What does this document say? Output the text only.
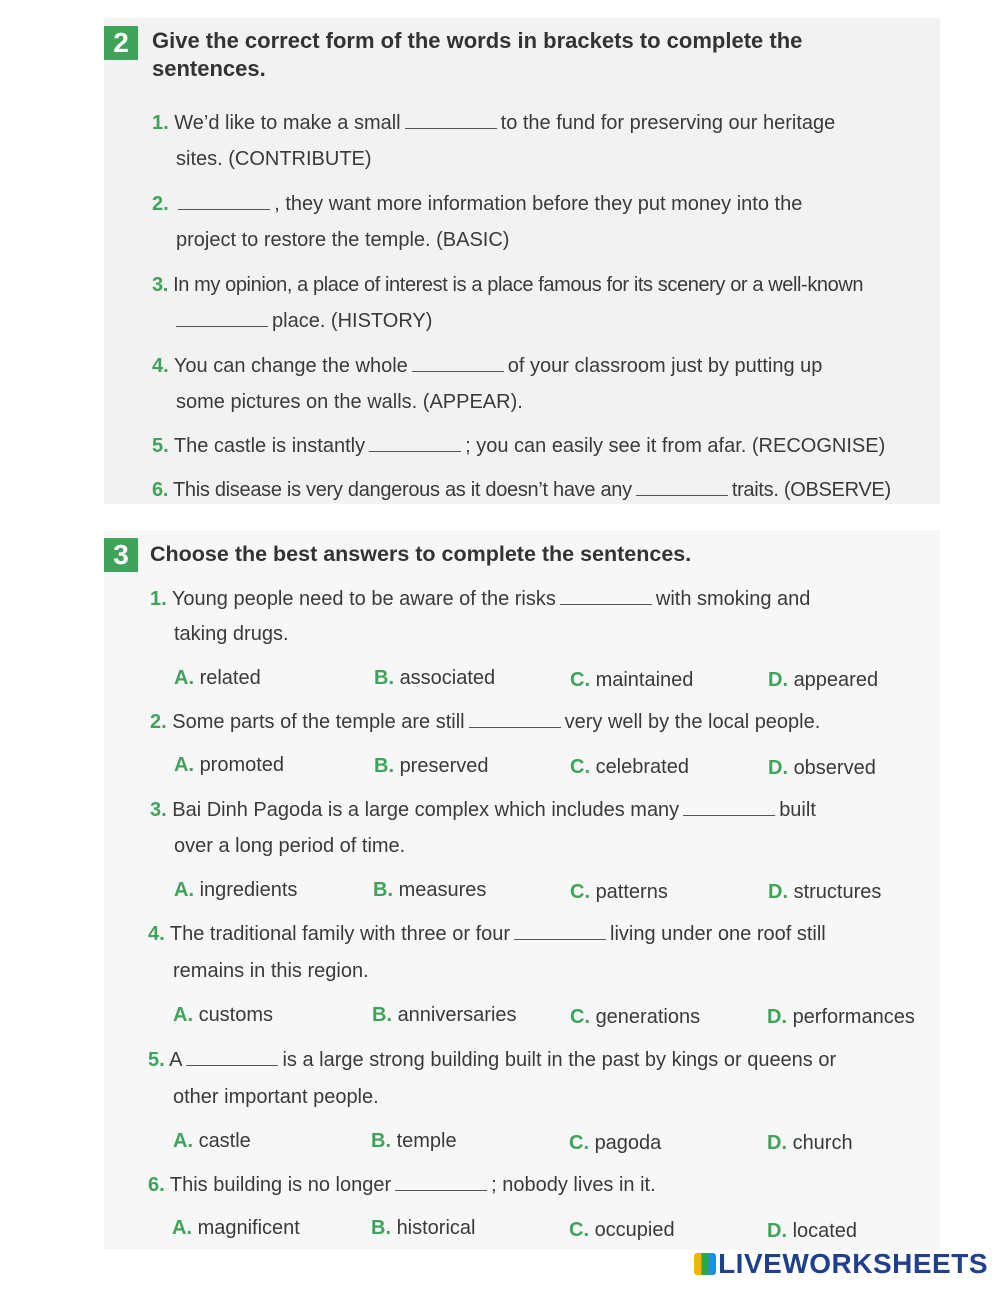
2	Give the correct form of the words in brackets to complete the
sentences.
1. We’d like to make a small	to the fund for preserving our heritage
sites. (CONTRIBUTE)
2.	, they want more information before they put money into the
project to restore the temple. (BASIC)
3. In my opinion, a place of interest is a place famous for its scenery or a well-known
place. (HISTORY)
4. You can change the whole	of your classroom just by putting up
some pictures on the walls. (APPEAR).
5. The castle is instantly	; you can easily see it from afar. (RECOGNISE)
6. This disease is very dangerous as it doesn’t have any	traits. (OBSERVE)
3 Choose the best answers to complete the sentences.
1. Young people need to be aware of the risks	with smoking and
taking drugs.
A. related	B. associated	C. maintained	D. appeared
2. Some parts of the temple are still	very well by the local people.
A. promoted	B. preserved	C. celebrated	D. observed
3. Bai Dinh Pagoda is a large complex which includes many	built
over a long period of time.
A. ingredients	B. measures	C. patterns	D. structures
4. The traditional family with three or four	living under one roof still
remains in this region.
A. customs	B. anniversaries	C. generations	D. performances
5. A	is a large strong building built in the past by kings or queens or
other important people.
A. castle	B. temple	C. pagoda	D. church
6. This building is no longer	; nobody lives in it.
A. magnificent	B. historical	C. occupied	D. located
LIVEWORKSHEETS
